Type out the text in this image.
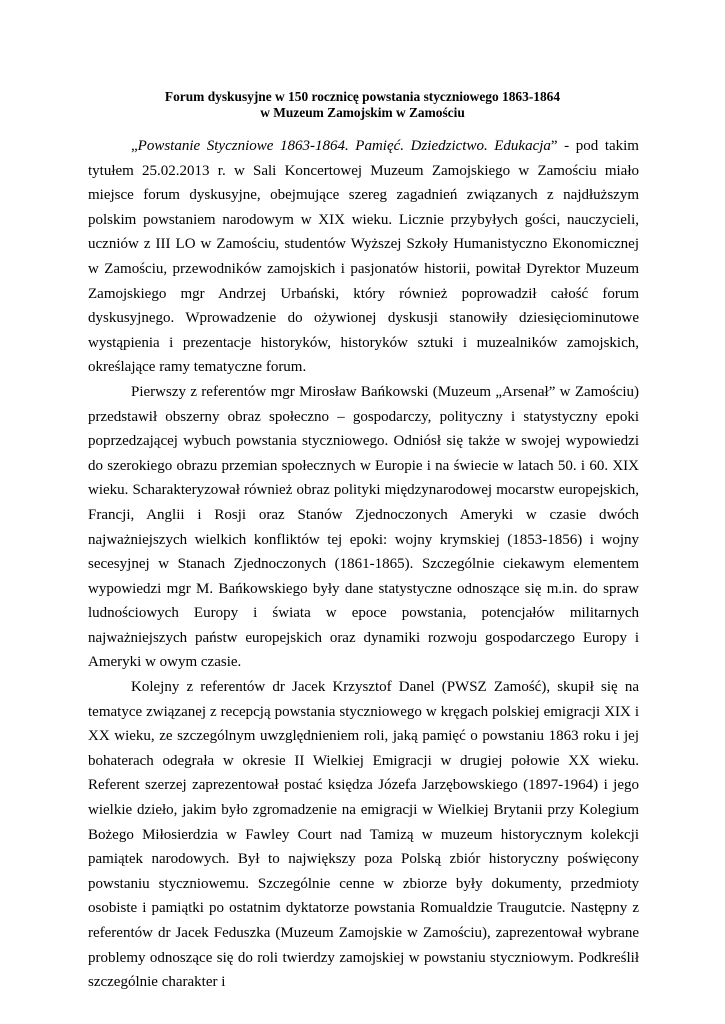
Forum dyskusyjne w 150 rocznicę powstania styczniowego 1863-1864
w Muzeum Zamojskim w Zamościu

„Powstanie Styczniowe 1863-1864. Pamięć. Dziedzictwo. Edukacja” - pod takim tytułem 25.02.2013 r. w Sali Koncertowej Muzeum Zamojskiego w Zamościu miało miejsce forum dyskusyjne, obejmujące szereg zagadnień związanych z najdłuższym polskim powstaniem narodowym w XIX wieku. Licznie przybyłych gości, nauczycieli, uczniów z III LO w Zamościu, studentów Wyższej Szkoły Humanistyczno Ekonomicznej w Zamościu, przewodników zamojskich i pasjonatów historii, powitał Dyrektor Muzeum Zamojskiego mgr Andrzej Urbański, który również poprowadził całość forum dyskusyjnego. Wprowadzenie do ożywionej dyskusji stanowiły dziesięciominutowe wystąpienia i prezentacje historyków, historyków sztuki i muzealników zamojskich, określające ramy tematyczne forum.

Pierwszy z referentów mgr Mirosław Bańkowski (Muzeum „Arsenał” w Zamościu) przedstawił obszerny obraz społeczno – gospodarczy, polityczny i statystyczny epoki poprzedzającej wybuch powstania styczniowego. Odniósł się także w swojej wypowiedzi do szerokiego obrazu przemian społecznych w Europie i na świecie w latach 50. i 60. XIX wieku. Scharakteryzował również obraz polityki międzynarodowej mocarstw europejskich, Francji, Anglii i Rosji oraz Stanów Zjednoczonych Ameryki w czasie dwóch najważniejszych wielkich konfliktów tej epoki: wojny krymskiej (1853-1856) i wojny secesyjnej w Stanach Zjednoczonych (1861-1865). Szczególnie ciekawym elementem wypowiedzi mgr M. Bańkowskiego były dane statystyczne odnoszące się m.in. do spraw ludnościowych Europy i świata w epoce powstania, potencjałów militarnych najważniejszych państw europejskich oraz dynamiki rozwoju gospodarczego Europy i Ameryki w owym czasie.

Kolejny z referentów dr Jacek Krzysztof Danel (PWSZ Zamość), skupił się na tematyce związanej z recepcją powstania styczniowego w kręgach polskiej emigracji XIX i XX wieku, ze szczególnym uwzględnieniem roli, jaką pamięć o powstaniu 1863 roku i jej bohaterach odegrała w okresie II Wielkiej Emigracji w drugiej połowie XX wieku. Referent szerzej zaprezentował postać księdza Józefa Jarzębowskiego (1897-1964) i jego wielkie dzieło, jakim było zgromadzenie na emigracji w Wielkiej Brytanii przy Kolegium Bożego Miłosierdzia w Fawley Court nad Tamizą w muzeum historycznym kolekcji pamiątek narodowych. Był to największy poza Polską zbiór historyczny poświęcony powstaniu styczniowemu. Szczególnie cenne w zbiorze były dokumenty, przedmioty osobiste i pamiątki po ostatnim dyktatorze powstania Romualdzie Traugutcie. Następny z referentów dr Jacek Feduszka (Muzeum Zamojskie w Zamościu), zaprezentował wybrane problemy odnoszące się do roli twierdzy zamojskiej w powstaniu styczniowym. Podkreślił szczególnie charakter i
